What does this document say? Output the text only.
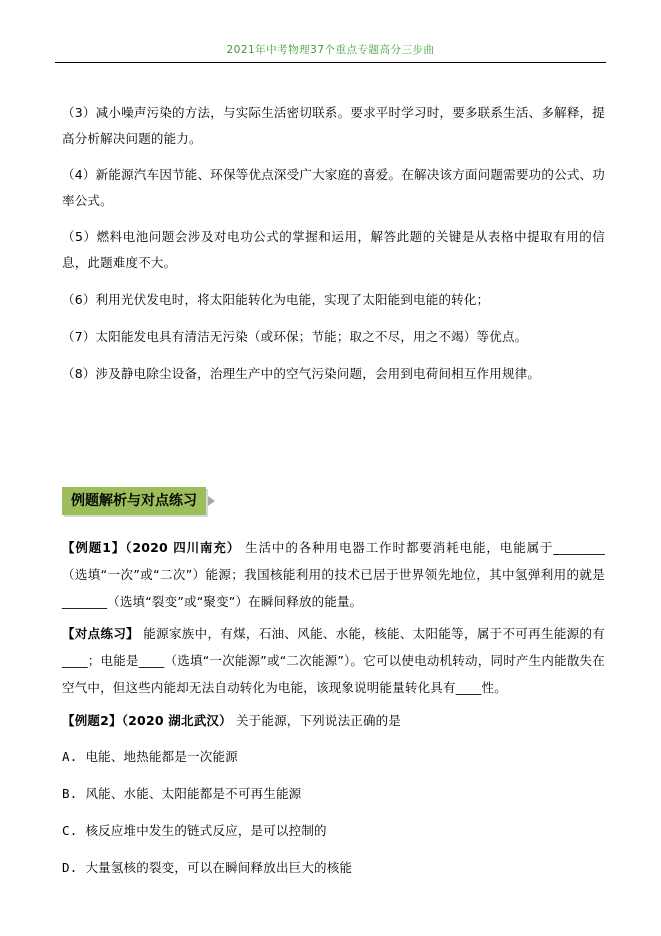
2021年中考物理37个重点专题高分三步曲
（3）减小噪声污染的方法，与实际生活密切联系。要求平时学习时，要多联系生活、多解释，提高分析解决问题的能力。
（4）新能源汽车因节能、环保等优点深受广大家庭的喜爱。在解决该方面问题需要功的公式、功率公式。
（5）燃料电池问题会涉及对电功公式的掌握和运用，解答此题的关键是从表格中提取有用的信息，此题难度不大。
（6）利用光伏发电时，将太阳能转化为电能，实现了太阳能到电能的转化；
（7）太阳能发电具有清洁无污染（或环保；节能；取之不尽，用之不竭）等优点。
（8）涉及静电除尘设备，治理生产中的空气污染问题，会用到电荷间相互作用规律。
例题解析与对点练习
【例题1】（2020 四川南充） 生活中的各种用电器工作时都要消耗电能，电能属于________（选填“一次”或“二次”）能源；我国核能利用的技术已居于世界领先地位，其中氢弹利用的就是_______（选填“裂变”或“聚变”）在瞬间释放的能量。
【对点练习】 能源家族中，有煤，石油、风能、水能，核能、太阳能等，属于不可再生能源的有____；电能是____（选填“一次能源”或“二次能源”）。它可以使电动机转动，同时产生内能散失在空气中，但这些内能却无法自动转化为电能，该现象说明能量转化具有____性。
【例题2】（2020 湖北武汉） 关于能源，下列说法正确的是
A. 电能、地热能都是一次能源
B. 风能、水能、太阳能都是不可再生能源
C. 核反应堆中发生的链式反应，是可以控制的
D. 大量氢核的裂变，可以在瞬间释放出巨大的核能
